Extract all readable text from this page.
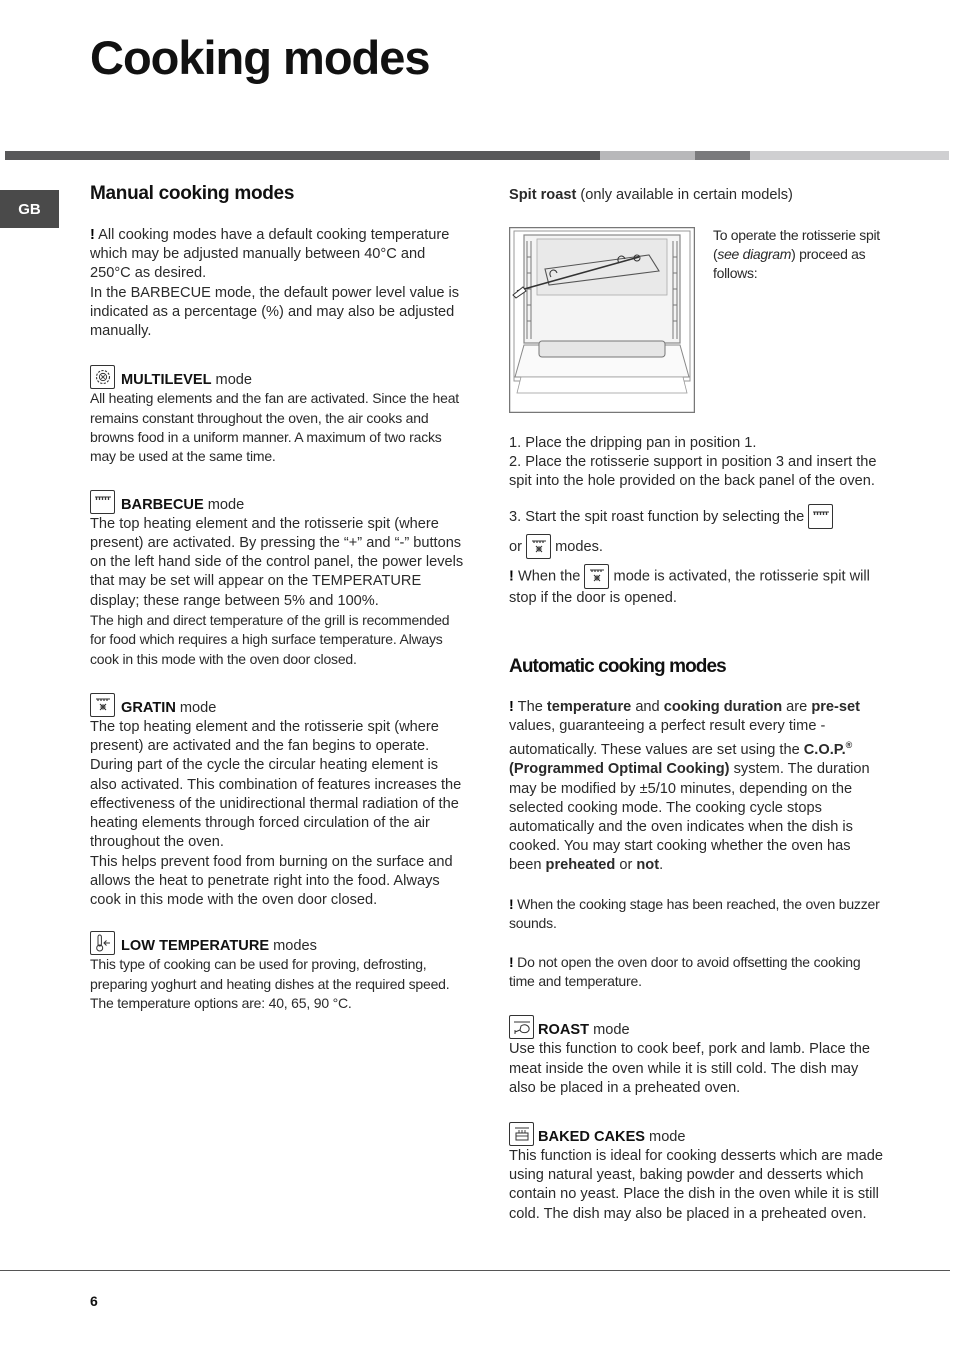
Cooking modes
GB
Manual cooking modes

! All cooking modes have a default cooking temperature which may be adjusted manually between 40°C and 250°C as desired.

In the BARBECUE mode, the default power level value is indicated as a percentage (%) and may also be adjusted manually.

MULTILEVEL mode

All heating elements and the fan are activated. Since the heat remains constant throughout the oven, the air cooks and browns food in a uniform manner. A maximum of two racks may be used at the same time.

BARBECUE mode

The top heating element and the rotisserie spit (where present) are activated. By pressing the “+” and “-” buttons on the left hand side of the control panel, the power levels that may be set will appear on the TEMPERATURE display; these range between 5% and 100%.

The high and direct temperature of the grill is recommended for food which requires a high surface temperature. Always cook in this mode with the oven door closed.

GRATIN mode

The top heating element and the rotisserie spit (where present) are activated and the fan begins to operate. During part of the cycle the circular heating element is also activated. This combination of features increases the effectiveness of the unidirectional thermal radiation of the heating elements through forced circulation of the air throughout the oven.

This helps prevent food from burning on the surface and allows the heat to penetrate right into the food. Always cook in this mode with the oven door closed.

LOW TEMPERATURE modes

This type of cooking can be used for proving, defrosting, preparing yoghurt and heating dishes at the required speed. The temperature options are: 40, 65, 90 °C.

Spit roast (only available in certain models)

To operate the rotisserie spit (see diagram) proceed as follows:

1. Place the dripping pan in position 1.

2. Place the rotisserie support in position 3 and insert the spit into the hole provided on the back panel of the oven.

3. Start the spit roast function by selecting the

or modes.

! When the mode is activated, the rotisserie spit will stop if the door is opened.

Automatic cooking modes

! The temperature and cooking duration are pre-set values, guaranteeing a perfect result every time - automatically. These values are set using the C.O.P.® (Programmed Optimal Cooking) system. The duration may be modified by ±5/10 minutes, depending on the selected cooking mode. The cooking cycle stops automatically and the oven indicates when the dish is cooked. You may start cooking whether the oven has been preheated or not.

! When the cooking stage has been reached, the oven buzzer sounds.

! Do not open the oven door to avoid offsetting the cooking time and temperature.

ROAST mode

Use this function to cook beef, pork and lamb. Place the meat inside the oven while it is still cold. The dish may also be placed in a preheated oven.

BAKED CAKES mode

This function is ideal for cooking desserts which are made using natural yeast, baking powder and desserts which contain no yeast. Place the dish in the oven while it is still cold. The dish may also be placed in a preheated oven.

6
